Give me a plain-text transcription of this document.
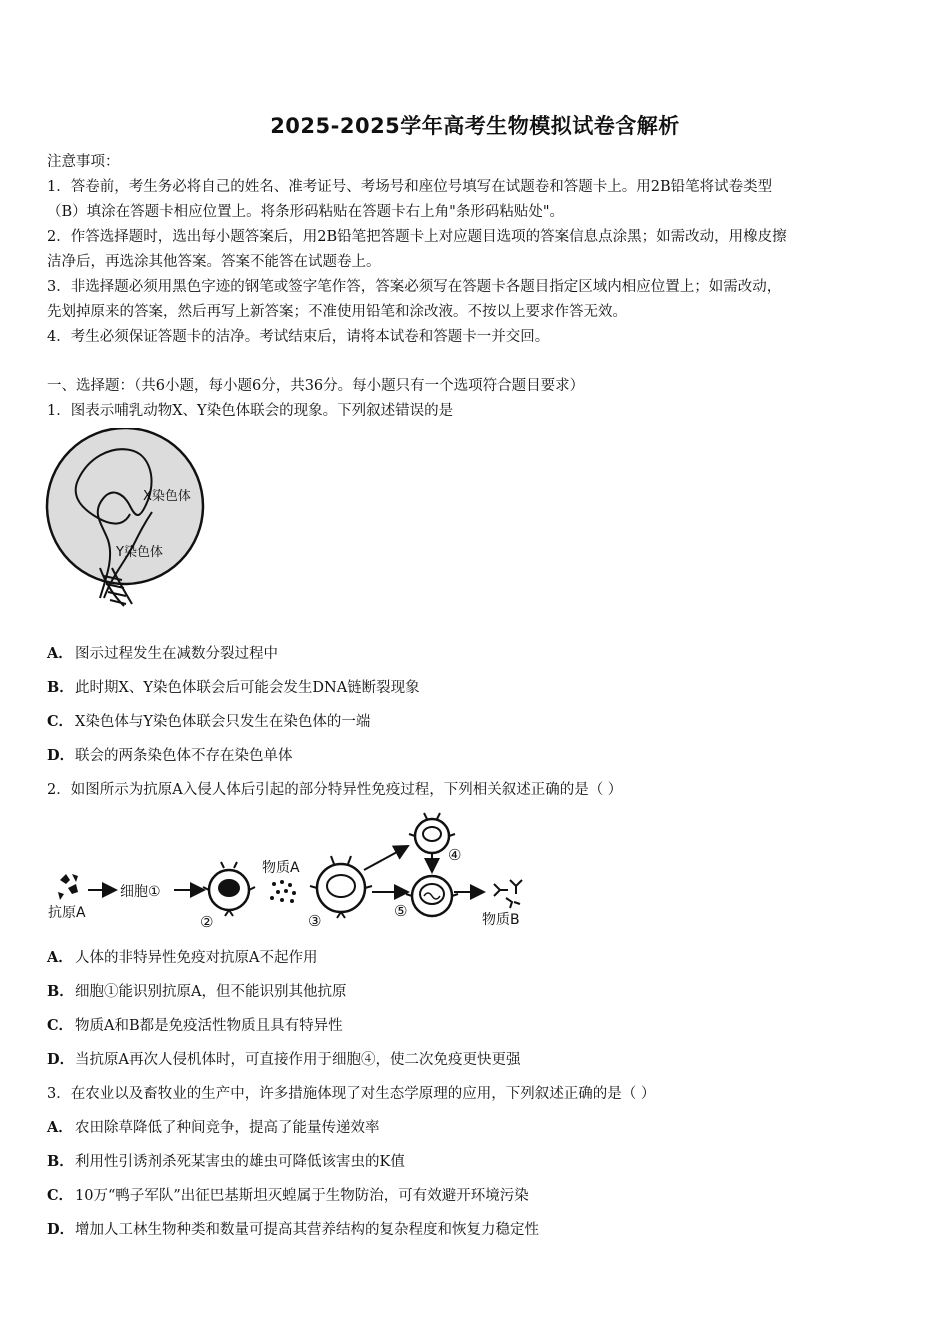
2025-2025学年高考生物模拟试卷含解析
注意事项：
1．答卷前，考生务必将自己的姓名、准考证号、考场号和座位号填写在试题卷和答题卡上。用2B铅笔将试卷类型
（B）填涂在答题卡相应位置上。将条形码粘贴在答题卡右上角"条形码粘贴处"。
2．作答选择题时，选出每小题答案后，用2B铅笔把答题卡上对应题目选项的答案信息点涂黑；如需改动，用橡皮擦
洁净后，再选涂其他答案。答案不能答在试题卷上。
3．非选择题必须用黑色字迹的钢笔或签字笔作答，答案必须写在答题卡各题目指定区域内相应位置上；如需改动，
先划掉原来的答案，然后再写上新答案；不准使用铅笔和涂改液。不按以上要求作答无效。
4．考生必须保证答题卡的洁净。考试结束后，请将本试卷和答题卡一并交回。
一、选择题：（共6小题，每小题6分，共36分。每小题只有一个选项符合题目要求）
1．图表示哺乳动物X、Y染色体联会的现象。下列叙述错误的是
X染色体
Y染色体
A． 图示过程发生在减数分裂过程中
B．此时期X、Y染色体联会后可能会发生DNA链断裂现象
C． X染色体与Y染色体联会只发生在染色体的一端
D．联会的两条染色体不存在染色单体
2．如图所示为抗原A入侵人体后引起的部分特异性免疫过程，下列相关叙述正确的是（ ）
抗原A
细胞①
②
物质A
③
④
⑤	物质B
A． 人体的非特异性免疫对抗原A不起作用
B．细胞①能识别抗原A，但不能识别其他抗原
C． 物质A和B都是免疫活性物质且具有特异性
D．当抗原A再次人侵机体时，可直接作用于细胞④，使二次免疫更快更强
3．在农业以及畜牧业的生产中，许多措施体现了对生态学原理的应用，下列叙述正确的是（ ）
A． 农田除草降低了种间竞争，提高了能量传递效率
B．利用性引诱剂杀死某害虫的雄虫可降低该害虫的K值
C． 10万“鸭子军队”出征巴基斯坦灭蝗属于生物防治，可有效避开环境污染
D．增加人工林生物种类和数量可提高其营养结构的复杂程度和恢复力稳定性
